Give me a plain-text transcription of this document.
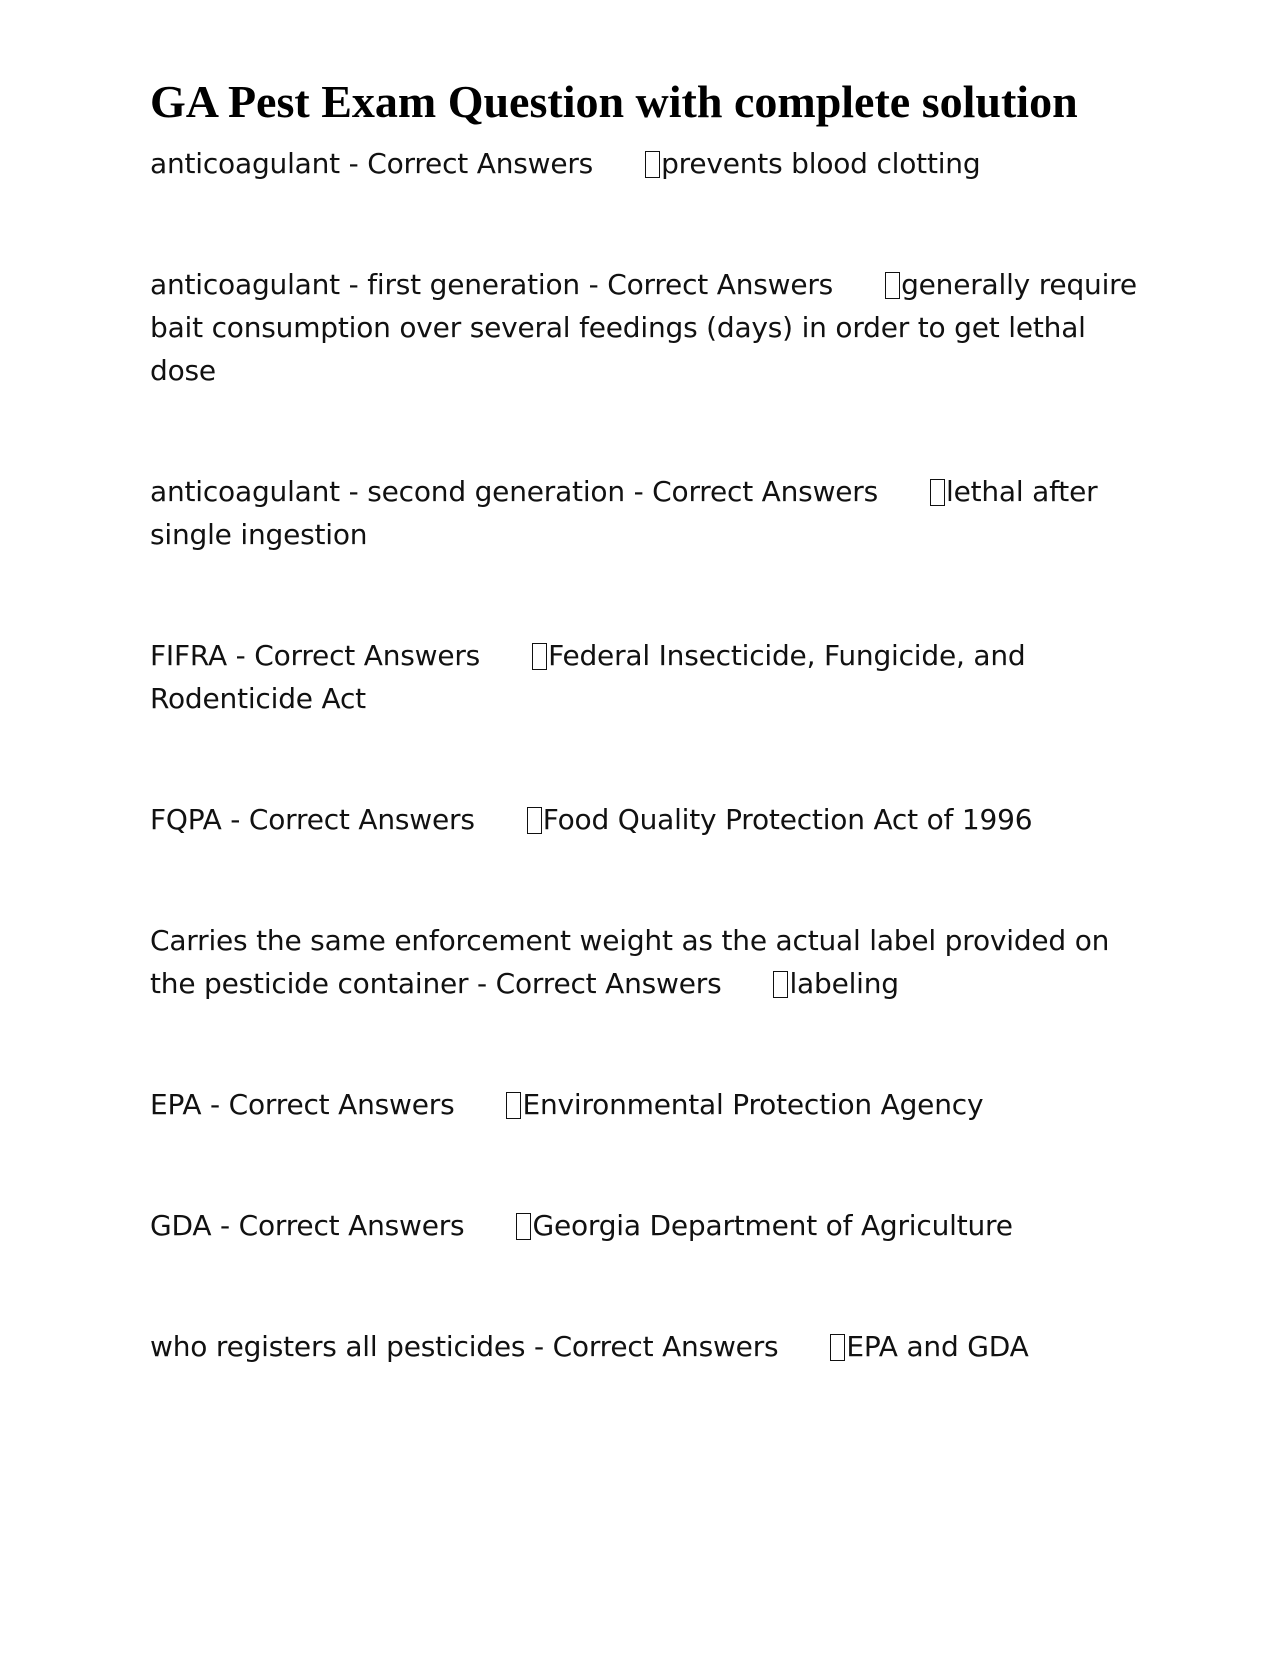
GA Pest Exam Question with complete solution

anticoagulant - Correct Answers prevents blood clotting

anticoagulant - first generation - Correct Answers generally require bait consumption over several feedings (days) in order to get lethal dose

anticoagulant - second generation - Correct Answers lethal after single ingestion

FIFRA - Correct Answers Federal Insecticide, Fungicide, and Rodenticide Act

FQPA - Correct Answers Food Quality Protection Act of 1996

Carries the same enforcement weight as the actual label provided on the pesticide container - Correct Answers labeling

EPA - Correct Answers Environmental Protection Agency

GDA - Correct Answers Georgia Department of Agriculture

who registers all pesticides - Correct Answers EPA and GDA
